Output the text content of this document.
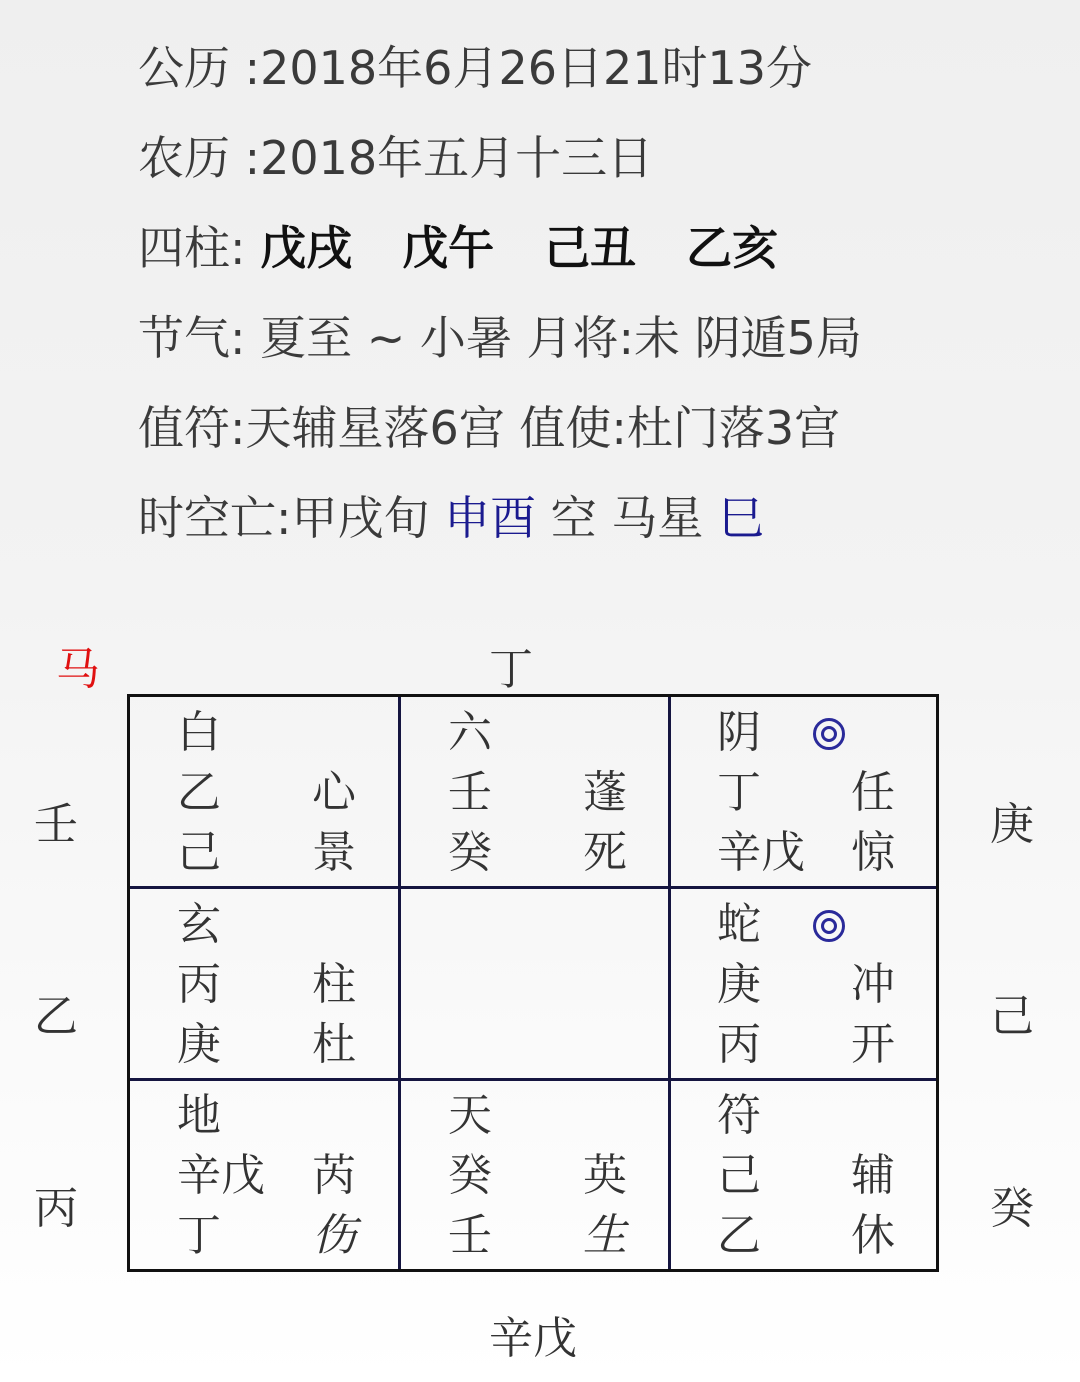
公历 :2018年6月26日21时13分
农历 :2018年五月十三日
四柱: 戊戌 戊午 己丑 乙亥
节气: 夏至 ~ 小暑 月将:未 阴遁5局
值符:天辅星落6宫 值使:杜门落3宫
时空亡:甲戌旬 申酉 空 马星 巳
马	丁
辛戊
壬
乙
丙
庚
己
癸
白
乙 心
己 景
六
壬 蓬
癸 死
阴
丁 任
辛戊 惊
玄
丙 柱
庚 杜
蛇
庚 冲
丙 开
地
辛戊 芮
丁 伤
天
癸 英
壬 生
符
己 辅
乙 休
